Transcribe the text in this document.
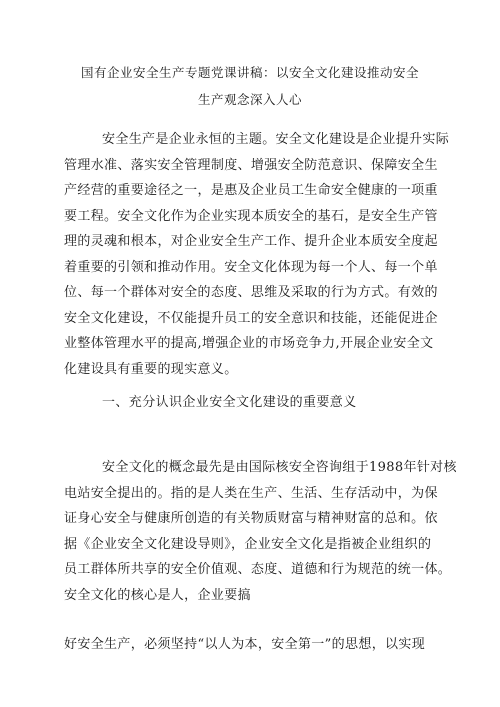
国有企业安全生产专题党课讲稿：以安全文化建设推动安全
生产观念深入人心
安全生产是企业永恒的主题。安全文化建设是企业提升实际
管理水准、落实安全管理制度、增强安全防范意识、保障安全生
产经营的重要途径之一，是惠及企业员工生命安全健康的一项重
要工程。安全文化作为企业实现本质安全的基石，是安全生产管
理的灵魂和根本，对企业安全生产工作、提升企业本质安全度起
着重要的引领和推动作用。安全文化体现为每一个人、每一个单
位、每一个群体对安全的态度、思维及采取的行为方式。有效的
安全文化建设，不仅能提升员工的安全意识和技能，还能促进企
业整体管理水平的提高,增强企业的市场竞争力,开展企业安全文
化建设具有重要的现实意义。
一、充分认识企业安全文化建设的重要意义
安全文化的概念最先是由国际核安全咨询组于1988年针对核
电站安全提出的。指的是人类在生产、生活、生存活动中，为保
证身心安全与健康所创造的有关物质财富与精神财富的总和。依
据《企业安全文化建设导则》，企业安全文化是指被企业组织的
员工群体所共享的安全价值观、态度、道德和行为规范的统一体。
安全文化的核心是人，企业要搞
好安全生产，必须坚持“以人为本，安全第一”的思想，以实现
